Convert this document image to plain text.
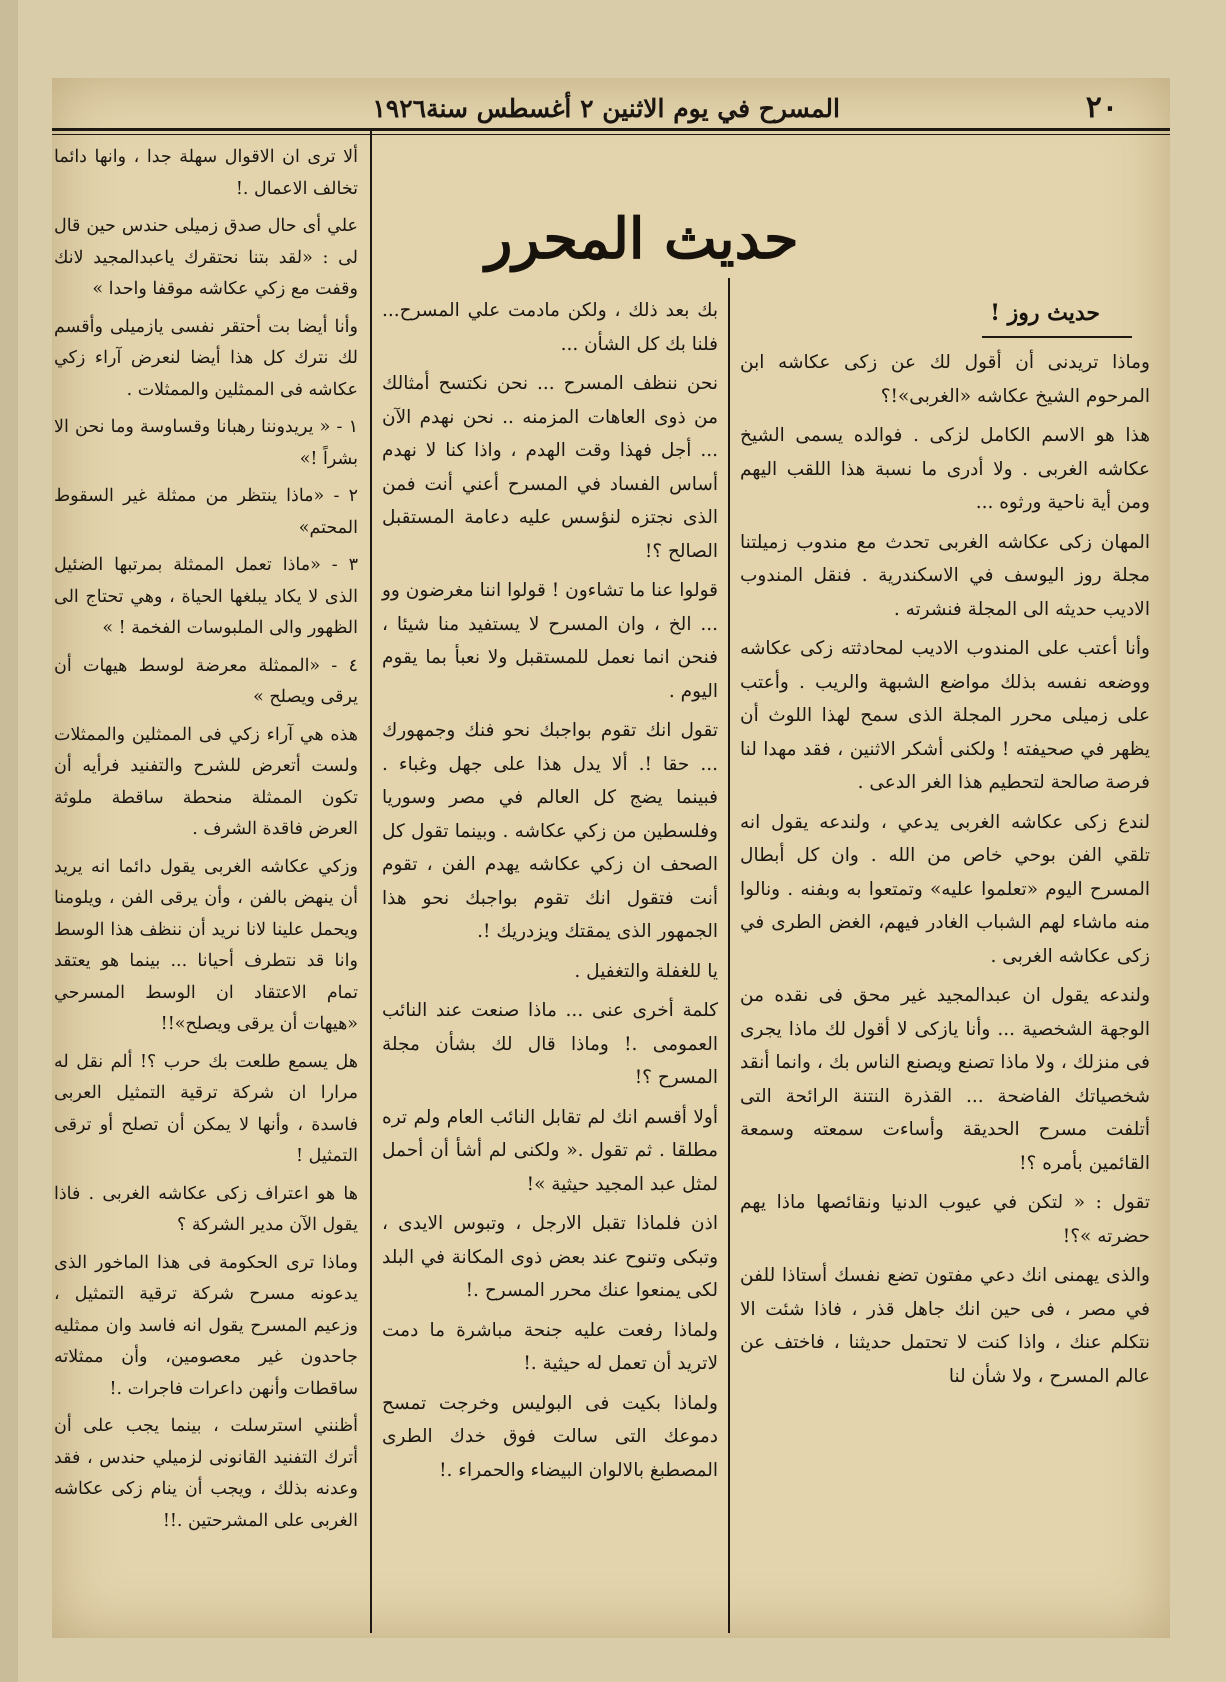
٢٠
المسرح في يوم الاثنين ٢ أغسطس سنة١٩٢٦
حديث المحرر
حديث روز !

وماذا تريدنى أن أقول لك عن زكى عكاشه ابن المرحوم الشيخ عكاشه «الغربى»!؟

هذا هو الاسم الكامل لزكى . فوالده يسمى الشيخ عكاشه الغربى . ولا أدرى ما نسبة هذا اللقب اليهم ومن أية ناحية ورثوه ...

المهان زكى عكاشه الغربى تحدث مع مندوب زميلتنا مجلة روز اليوسف في الاسكندرية . فنقل المندوب الاديب حديثه الى المجلة فنشرته .

وأنا أعتب على المندوب الاديب لمحادثته زكى عكاشه ووضعه نفسه بذلك مواضع الشبهة والريب . وأعتب على زميلى محرر المجلة الذى سمح لهذا اللوث أن يظهر في صحيفته ! ولكنى أشكر الاثنين ، فقد مهدا لنا فرصة صالحة لتحطيم هذا الغر الدعى .

لندع زكى عكاشه الغربى يدعي ، ولندعه يقول انه تلقي الفن بوحي خاص من الله . وان كل أبطال المسرح اليوم «تعلموا عليه» وتمتعوا به وبفنه . ونالوا منه ماشاء لهم الشباب الغادر فيهم، الغض الطرى في زكى عكاشه الغربى .

ولندعه يقول ان عبدالمجيد غير محق فى نقده من الوجهة الشخصية ... وأنا يازكى لا أقول لك ماذا يجرى فى منزلك ، ولا ماذا تصنع ويصنع الناس بك ، وانما أنقد شخصياتك الفاضحة ... القذرة النتنة الرائحة التى أتلفت مسرح الحديقة وأساءت سمعته وسمعة القائمين بأمره ؟!

تقول : « لتكن في عيوب الدنيا ونقائصها ماذا يهم حضرته »؟!

والذى يهمنى انك دعي مفتون تضع نفسك أستاذا للفن في مصر ، فى حين انك جاهل قذر ، فاذا شئت الا نتكلم عنك ، واذا كنت لا تحتمل حديثنا ، فاختف عن عالم المسرح ، ولا شأن لنا

بك بعد ذلك ، ولكن مادمت علي المسرح... فلنا بك كل الشأن ...

نحن ننظف المسرح ... نحن نكتسح أمثالك من ذوى العاهات المزمنه .. نحن نهدم الآن ... أجل فهذا وقت الهدم ، واذا كنا لا نهدم أساس الفساد في المسرح أعني أنت فمن الذى نجتزه لنؤسس عليه دعامة المستقبل الصالح ؟!

قولوا عنا ما تشاءون ! قولوا اننا مغرضون وو ... الخ ، وان المسرح لا يستفيد منا شيئا ، فنحن انما نعمل للمستقبل ولا نعبأ بما يقوم اليوم .

تقول انك تقوم بواجبك نحو فنك وجمهورك ... حقا !. ألا يدل هذا على جهل وغباء . فبينما يضج كل العالم في مصر وسوريا وفلسطين من زكي عكاشه . وبينما تقول كل الصحف ان زكي عكاشه يهدم الفن ، تقوم أنت فتقول انك تقوم بواجبك نحو هذا الجمهور الذى يمقتك ويزدريك !.

يا للغفلة والتغفيل .

كلمة أخرى عنى ... ماذا صنعت عند النائب العمومى .! وماذا قال لك بشأن مجلة المسرح ؟!

أولا أقسم انك لم تقابل النائب العام ولم تره مطلقا . ثم تقول .« ولكنى لم أشأ أن أحمل لمثل عبد المجيد حيثية »!

اذن فلماذا تقبل الارجل ، وتبوس الايدى ، وتبكى وتنوح عند بعض ذوى المكانة في البلد لكى يمنعوا عنك محرر المسرح .!

ولماذا رفعت عليه جنحة مباشرة ما دمت لاتريد أن تعمل له حيثية .!

ولماذا بكيت فى البوليس وخرجت تمسح دموعك التى سالت فوق خدك الطرى المصطبغ بالالوان البيضاء والحمراء .!

ألا ترى ان الاقوال سهلة جدا ، وانها دائما تخالف الاعمال .!

علي أى حال صدق زميلى حندس حين قال لى : «لقد بتنا نحتقرك ياعبدالمجيد لانك وقفت مع زكي عكاشه موقفا واحدا »

وأنا أيضا بت أحتقر نفسى يازميلى وأقسم لك نترك كل هذا أيضا لنعرض آراء زكي عكاشه فى الممثلين والممثلات .

١ - « يريدوننا رهبانا وقساوسة وما نحن الا بشراً !»

٢ - «ماذا ينتظر من ممثلة غير السقوط المحتم»

٣ - «ماذا تعمل الممثلة بمرتبها الضئيل الذى لا يكاد يبلغها الحياة ، وهي تحتاج الى الظهور والى الملبوسات الفخمة ! »

٤ - «الممثلة معرضة لوسط هيهات أن يرقى ويصلح »

هذه هي آراء زكي فى الممثلين والممثلات ولست أتعرض للشرح والتفنيد فرأيه أن تكون الممثلة منحطة ساقطة ملوثة العرض فاقدة الشرف .

وزكي عكاشه الغربى يقول دائما انه يريد أن ينهض بالفن ، وأن يرقى الفن ، ويلومنا ويحمل علينا لانا نريد أن ننظف هذا الوسط وانا قد نتطرف أحيانا ... بينما هو يعتقد تمام الاعتقاد ان الوسط المسرحي «هيهات أن يرقى ويصلح»!!

هل يسمع طلعت بك حرب ؟! ألم نقل له مرارا ان شركة ترقية التمثيل العربى فاسدة ، وأنها لا يمكن أن تصلح أو ترقى التمثيل !

ها هو اعتراف زكى عكاشه الغربى . فاذا يقول الآن مدير الشركة ؟

وماذا ترى الحكومة فى هذا الماخور الذى يدعونه مسرح شركة ترقية التمثيل ، وزعيم المسرح يقول انه فاسد وان ممثليه جاحدون غير معصومين، وأن ممثلاته ساقطات وأنهن داعرات فاجرات .!

أظنني استرسلت ، بينما يجب على أن أترك التفنيد القانونى لزميلي حندس ، فقد وعدنه بذلك ، ويجب أن ينام زكى عكاشه الغربى على المشرحتين .!!
